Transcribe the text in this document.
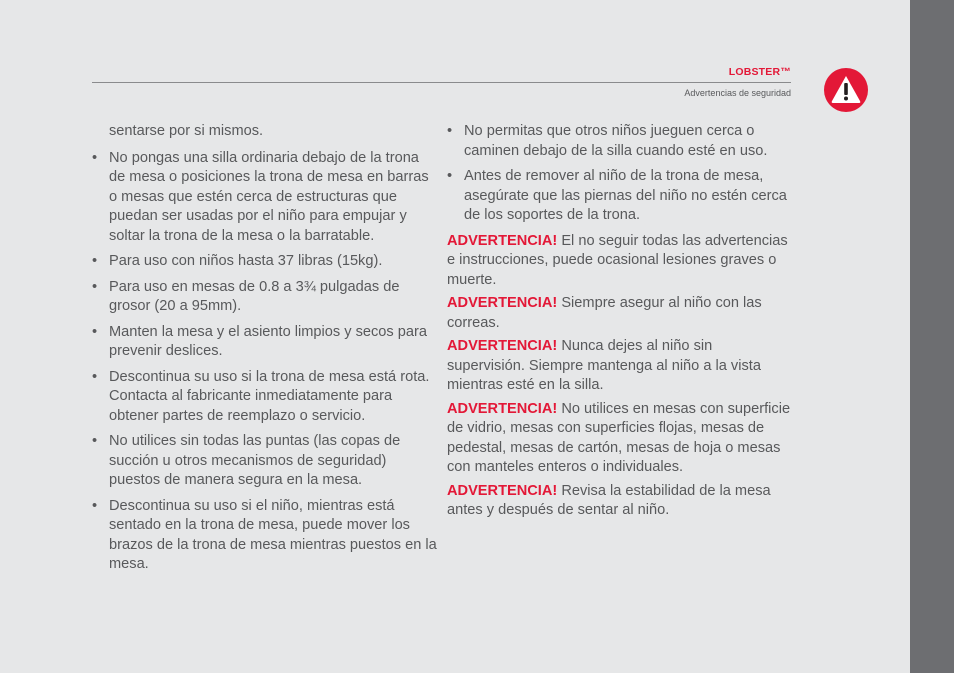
LOBSTER™
Advertencias de seguridad
sentarse por si mismos.
• No pongas una silla ordinaria debajo de la trona de mesa o posiciones la trona de mesa en barras o mesas que estén cerca de estructuras que puedan ser usadas por el niño para empujar y soltar la trona de la mesa o la barratable.
• Para uso con niños hasta 37 libras (15kg).
• Para uso en mesas de 0.8 a 3¾ pulgadas de grosor (20 a 95mm).
• Manten la mesa y el asiento limpios y secos para prevenir deslices.
• Descontinua su uso si la trona de mesa está rota. Contacta al fabricante inmediatamente para obtener partes de reemplazo o servicio.
• No utilices sin todas las puntas (las copas de succión u otros mecanismos de seguridad) puestos de manera segura en la mesa.
• Descontinua su uso si el niño, mientras está sentado en la trona de mesa, puede mover los brazos de la trona de mesa mientras puestos en la mesa.
• No permitas que otros niños jueguen cerca o caminen debajo de la silla cuando esté en uso.
• Antes de remover al niño de la trona de mesa, asegúrate que las piernas del niño no estén cerca de los soportes de la trona.
ADVERTENCIA! El no seguir todas las advertencias e instrucciones, puede ocasional lesiones graves o muerte.
ADVERTENCIA! Siempre asegur al niño con las correas.
ADVERTENCIA! Nunca dejes al niño sin supervisión. Siempre mantenga al niño a la vista mientras esté en la silla.
ADVERTENCIA! No utilices en mesas con superficie de vidrio, mesas con superficies flojas, mesas de pedestal, mesas de cartón, mesas de hoja o mesas con manteles enteros o individuales.
ADVERTENCIA! Revisa la estabilidad de la mesa antes y después de sentar al niño.
